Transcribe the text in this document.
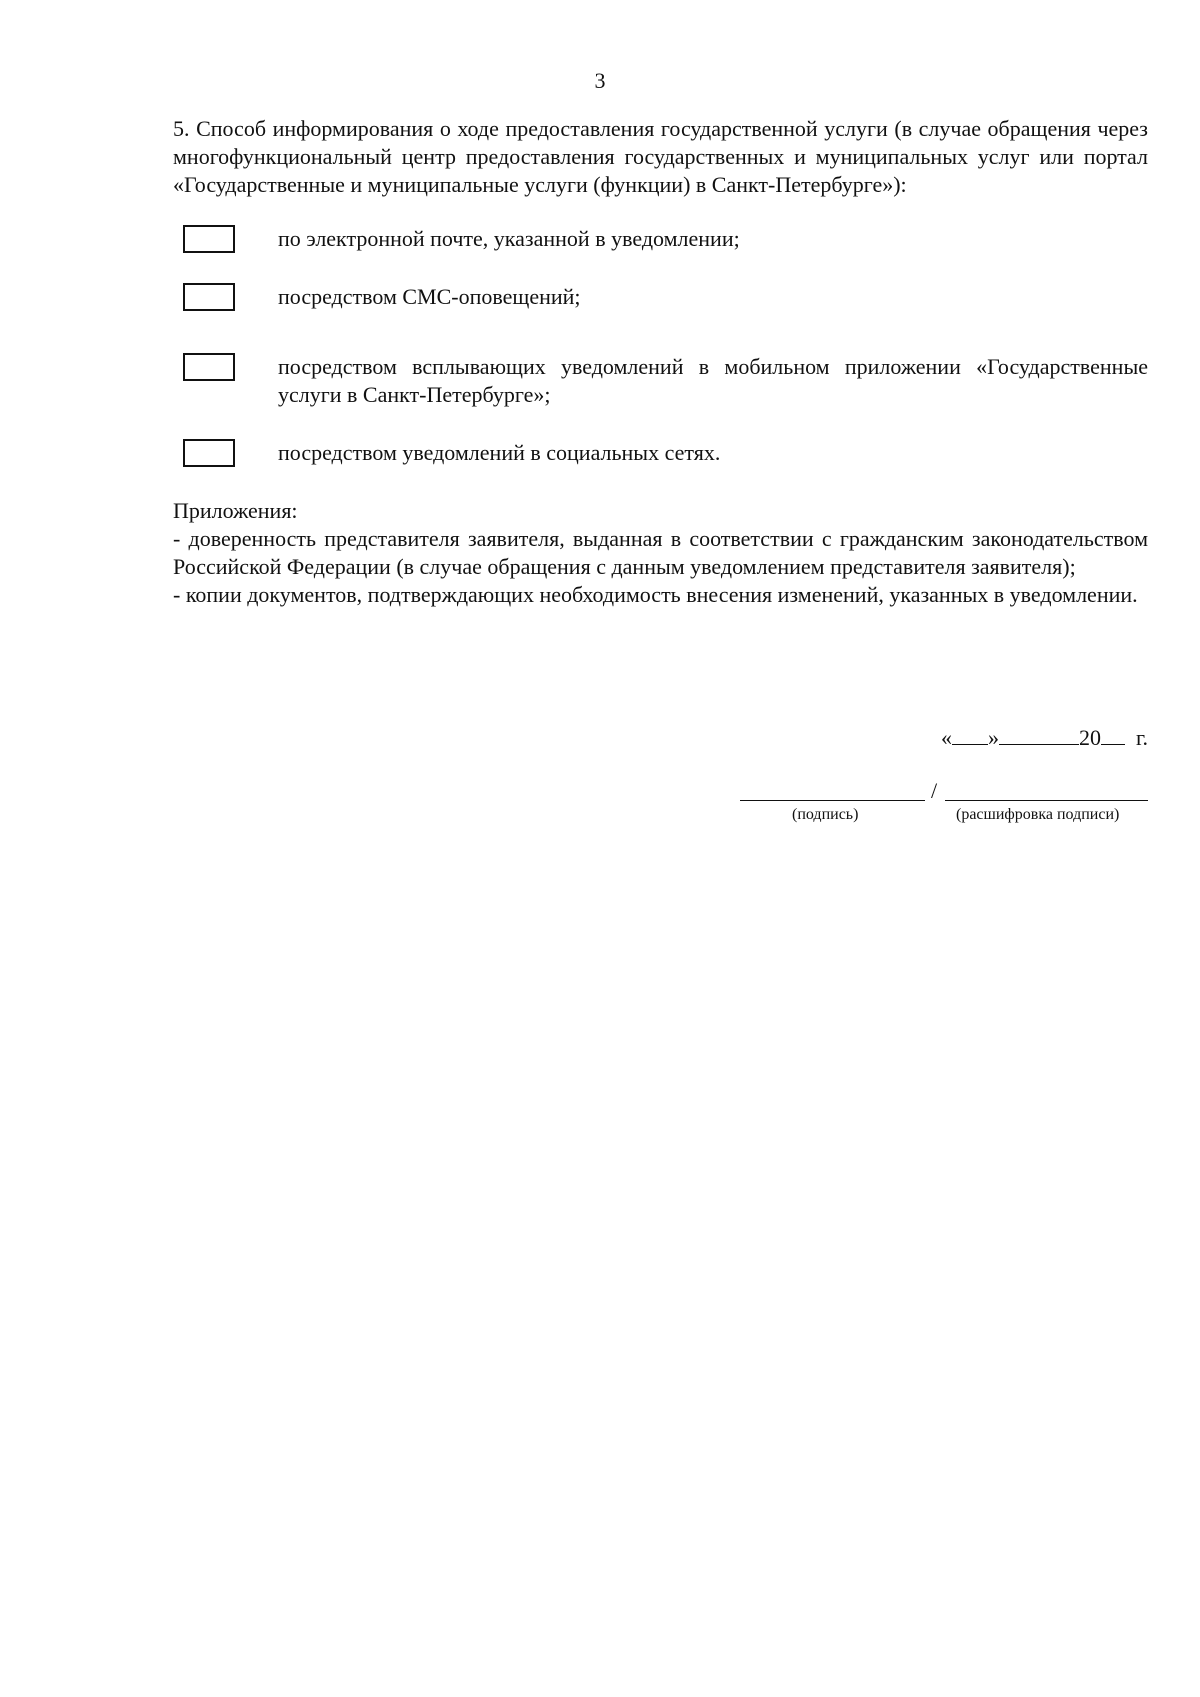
3

5. Способ информирования о ходе предоставления государственной услуги (в случае обращения через многофункциональный центр предоставления государственных и муниципальных услуг или портал «Государственные и муниципальные услуги (функции) в Санкт-Петербурге»):

по электронной почте, указанной в уведомлении;
посредством СМС-оповещений;
посредством всплывающих уведомлений в мобильном приложении «Государственные услуги в Санкт-Петербурге»;
посредством уведомлений в социальных сетях.

Приложения:

- доверенность представителя заявителя, выданная в соответствии с гражданским законодательством Российской Федерации (в случае обращения с данным уведомлением представителя заявителя);

- копии документов, подтверждающих необходимость внесения изменений, указанных в уведомлении.

« »	20 г.
/
(подпись)	(расшифровка подписи)
